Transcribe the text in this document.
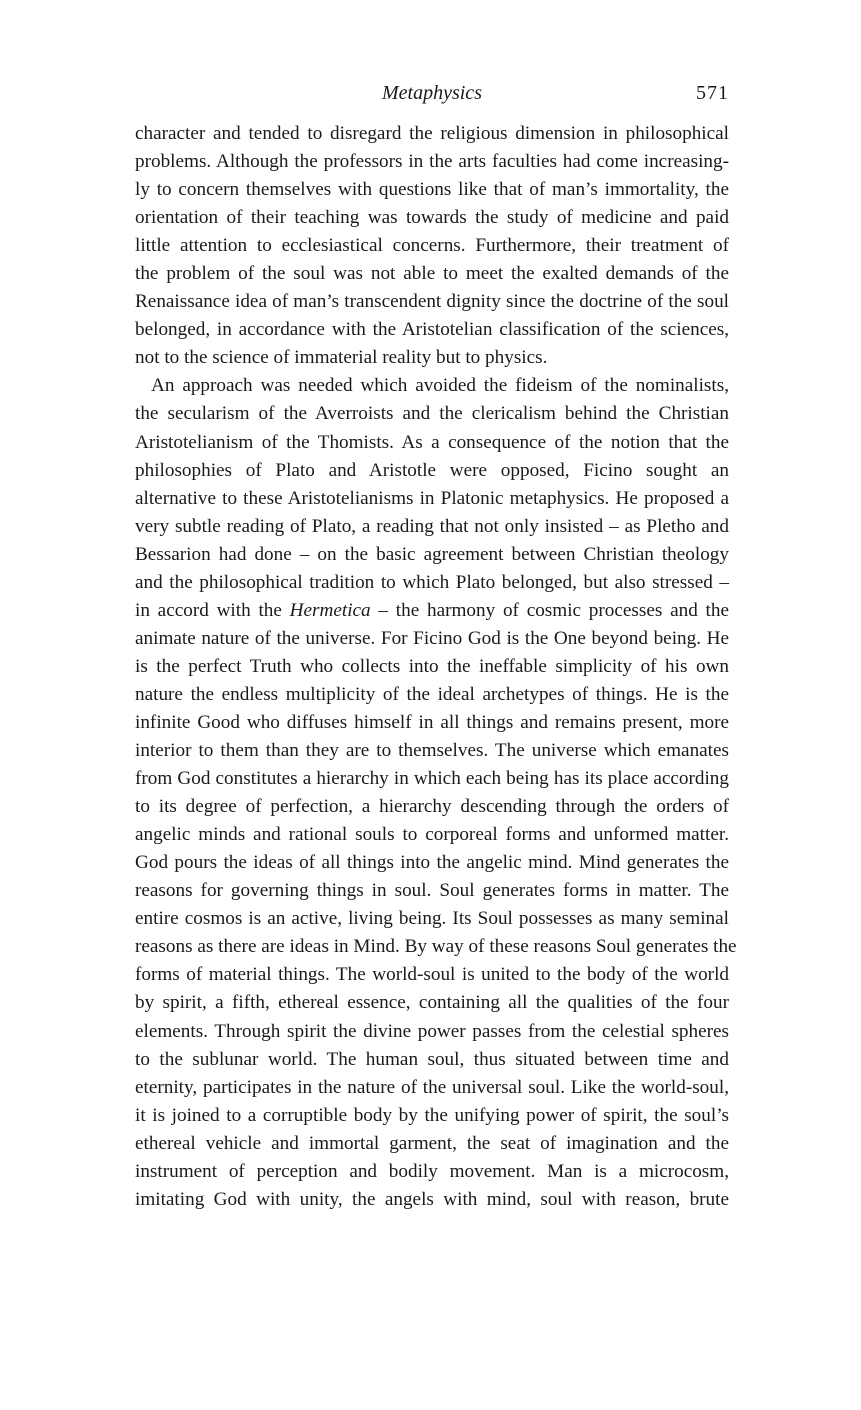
Metaphysics	571
character and tended to disregard the religious dimension in philosophical
problems. Although the professors in the arts faculties had come increasing-
ly to concern themselves with questions like that of man’s immortality, the
orientation of their teaching was towards the study of medicine and paid
little attention to ecclesiastical concerns. Furthermore, their treatment of
the problem of the soul was not able to meet the exalted demands of the
Renaissance idea of man’s transcendent dignity since the doctrine of the soul
belonged, in accordance with the Aristotelian classification of the sciences,
not to the science of immaterial reality but to physics.
An approach was needed which avoided the fideism of the nominalists,
the secularism of the Averroists and the clericalism behind the Christian
Aristotelianism of the Thomists. As a consequence of the notion that the
philosophies of Plato and Aristotle were opposed, Ficino sought an
alternative to these Aristotelianisms in Platonic metaphysics. He proposed a
very subtle reading of Plato, a reading that not only insisted – as Pletho and
Bessarion had done – on the basic agreement between Christian theology
and the philosophical tradition to which Plato belonged, but also stressed –
in accord with the Hermetica – the harmony of cosmic processes and the
animate nature of the universe. For Ficino God is the One beyond being. He
is the perfect Truth who collects into the ineffable simplicity of his own
nature the endless multiplicity of the ideal archetypes of things. He is the
infinite Good who diffuses himself in all things and remains present, more
interior to them than they are to themselves. The universe which emanates
from God constitutes a hierarchy in which each being has its place according
to its degree of perfection, a hierarchy descending through the orders of
angelic minds and rational souls to corporeal forms and unformed matter.
God pours the ideas of all things into the angelic mind. Mind generates the
reasons for governing things in soul. Soul generates forms in matter. The
entire cosmos is an active, living being. Its Soul possesses as many seminal
reasons as there are ideas in Mind. By way of these reasons Soul generates the
forms of material things. The world-soul is united to the body of the world
by spirit, a fifth, ethereal essence, containing all the qualities of the four
elements. Through spirit the divine power passes from the celestial spheres
to the sublunar world. The human soul, thus situated between time and
eternity, participates in the nature of the universal soul. Like the world-soul,
it is joined to a corruptible body by the unifying power of spirit, the soul’s
ethereal vehicle and immortal garment, the seat of imagination and the
instrument of perception and bodily movement. Man is a microcosm,
imitating God with unity, the angels with mind, soul with reason, brute
